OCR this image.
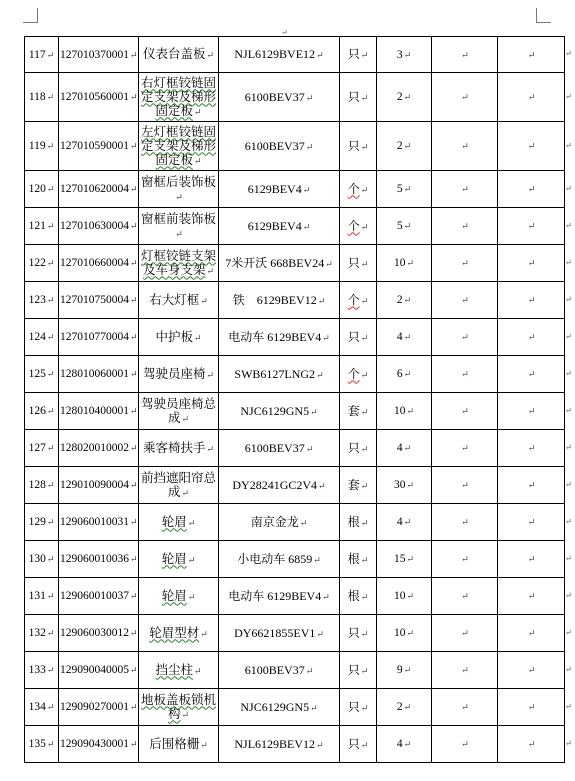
↵
117↵	127010370001↵	仪表台盖板↵	NJL6129BVE12↵	只↵	3↵	↵	↵
118↵	127010560001↵	右灯框铰链固定支架及梯形固定板↵	6100BEV37↵	只↵	2↵	↵	↵
119↵	127010590001↵	左灯框铰链固定支架及梯形固定板↵	6100BEV37↵	只↵	2↵	↵	↵
120↵	127010620004↵	窗框后装饰板↵	6129BEV4↵	个↵	5↵	↵	↵
121↵	127010630004↵	窗框前装饰板↵	6129BEV4↵	个↵	5↵	↵	↵
122↵	127010660004↵	灯框铰链支架及车身支架↵	7米开沃 668BEV24↵	只↵	10↵	↵	↵
123↵	127010750004↵	右大灯框↵	铁　6129BEV12↵	个↵	2↵	↵	↵
124↵	127010770004↵	中护板↵	电动车 6129BEV4↵	只↵	4↵	↵	↵
125↵	128010060001↵	驾驶员座椅↵	SWB6127LNG2↵	个↵	6↵	↵	↵
126↵	128010400001↵	驾驶员座椅总成↵	NJC6129GN5↵	套↵	10↵	↵	↵
127↵	128020010002↵	乘客椅扶手↵	6100BEV37↵	只↵	4↵	↵	↵
128↵	129010090004↵	前挡遮阳帘总成↵	DY28241GC2V4↵	套↵	30↵	↵	↵
129↵	129060010031↵	轮眉↵	南京金龙↵	根↵	4↵	↵	↵
130↵	129060010036↵	轮眉↵	小电动车 6859↵	根↵	15↵	↵	↵
131↵	129060010037↵	轮眉↵	电动车 6129BEV4↵	根↵	10↵	↵	↵
132↵	129060030012↵	轮眉型材↵	DY6621855EV1↵	只↵	10↵	↵	↵
133↵	129090040005↵	挡尘柱↵	6100BEV37↵	只↵	9↵	↵	↵
134↵	129090270001↵	地板盖板锁机构↵	NJC6129GN5↵	只↵	2↵	↵	↵
135↵	129090430001↵	后围格栅↵	NJL6129BEV12↵	只↵	4↵	↵	↵
↵
↵
↵
↵
↵
↵
↵
↵
↵
↵
↵
↵
↵
↵
↵
↵
↵
↵
↵
